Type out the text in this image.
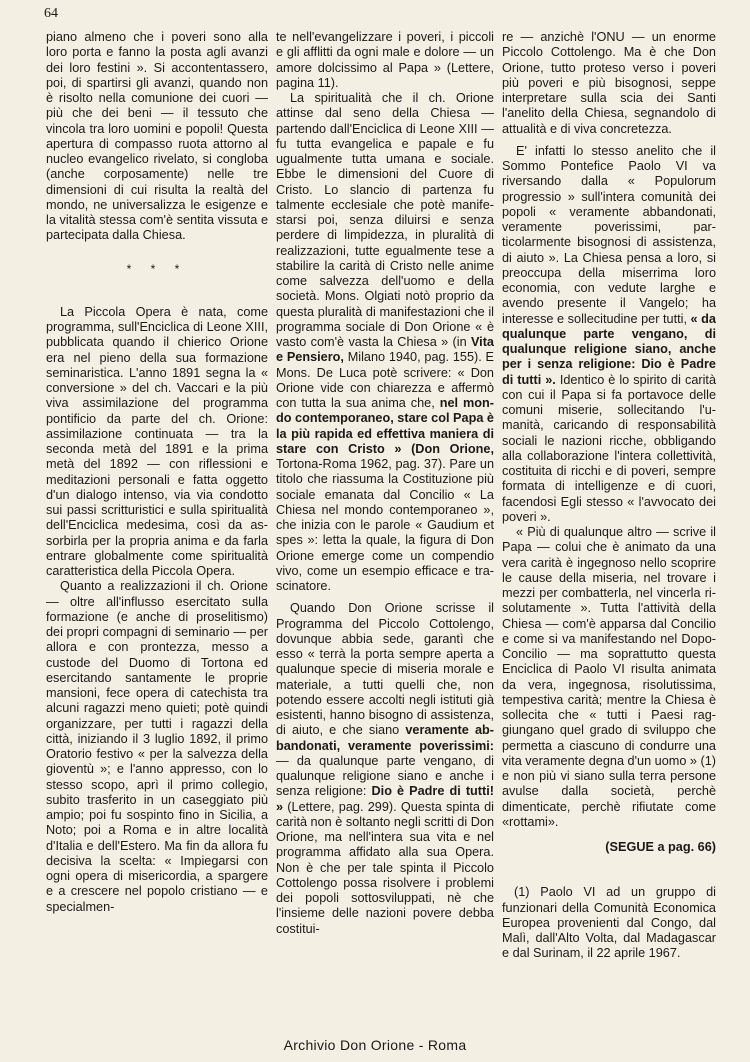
64

piano almeno che i poveri sono alla loro porta e fanno la posta agli avanzi dei loro festini ». Si accontentassero, poi, di spartirsi gli avanzi, quando non è risolto nella comunione dei cuori — più che dei beni — il tessuto che vincola tra loro uomini e popoli! Questa apertura di compasso ruota attorno al nucleo evangelico rivelato, si congloba (anche corposamente) nelle tre dimensioni di cui risulta la realtà del mondo, ne universalizza le esigenze e la vitalità stessa com'è sentita vissuta e partecipata dalla Chiesa.

* * *

La Piccola Opera è nata, come programma, sull'Enciclica di Leone XIII, pubblicata quando il chierico Orione era nel pieno della sua formazione seminaristica. L'anno 1891 segna la « conversione » del ch. Vaccari e la più viva assimilazione del programma pontificio da parte del ch. Orione: assimilazione continuata — tra la seconda metà del 1891 e la prima metà del 1892 — con riflessioni e meditazioni personali e fatta oggetto d'un dialogo intenso, via via condotto sui passi scritturistici e sulla spiritualità dell'Enciclica medesima, così da assorbirla per la propria anima e da farla entrare globalmente come spiritualità caratteristica della Piccola Opera.

Quanto a realizzazioni il ch. Orione — oltre all'influsso esercitato sulla formazione (e anche di proselitismo) dei propri compagni di seminario — per allora e con prontezza, messo a custode del Duomo di Tortona ed esercitando santamente le proprie mansioni, fece opera di catechista tra alcuni ragazzi meno quieti; potè quindi organizzare, per tutti i ragazzi della città, iniziando il 3 luglio 1892, il primo Oratorio festivo « per la salvezza della gioventù »; e l'anno appresso, con lo stesso scopo, aprì il primo collegio, subito trasferito in un caseggiato più ampio; poi fu sospinto fino in Sicilia, a Noto; poi a Roma e in altre località d'Italia e dell'Estero. Ma fin da allora fu decisiva la scelta: « Impiegarsi con ogni opera di misericordia, a spargere e a crescere nel popolo cristiano — e specialmen-

te nell'evangelizzare i poveri, i piccoli e gli afflitti da ogni male e dolore — un amore dolcissimo al Papa » (Lettere, pagina 11).

La spiritualità che il ch. Orione attinse dal seno della Chiesa — partendo dall'Enciclica di Leone XIII — fu tutta evangelica e papale e fu ugualmente tutta umana e sociale. Ebbe le dimensioni del Cuore di Cristo. Lo slancio di partenza fu talmente ecclesiale che potè manifestarsi poi, senza diluirsi e senza perdere di limpidezza, in pluralità di realizzazioni, tutte egualmente tese a stabilire la carità di Cristo nelle anime come salvezza dell'uomo e della società. Mons. Olgiati notò proprio da questa pluralità di manifestazioni che il programma sociale di Don Orione « è vasto com'è vasta la Chiesa » (in Vita e Pensiero, Milano 1940, pag. 155). E Mons. De Luca potè scrivere: « Don Orione vide con chiarezza e affermò con tutta la sua anima che, nel mondo contemporaneo, stare col Papa è la più rapida ed effettiva maniera di stare con Cristo » (Don Orione, Tortona-Roma 1962, pag. 37). Pare un titolo che riassuma la Costituzione più sociale emanata dal Concilio « La Chiesa nel mondo contemporaneo », che inizia con le parole « Gaudium et spes »: letta la quale, la figura di Don Orione emerge come un compendio vivo, come un esempio efficace e trascinatore.

Quando Don Orione scrisse il Programma del Piccolo Cottolengo, dovunque abbia sede, garantì che esso « terrà la porta sempre aperta a qualunque specie di miseria morale e materiale, a tutti quelli che, non potendo essere accolti negli istituti già esistenti, hanno bisogno di assistenza, di aiuto, e che siano veramente abbandonati, veramente poverissimi: — da qualunque parte vengano, di qualunque religione siano e anche i senza religione: Dio è Padre di tutti! » (Lettere, pag. 299). Questa spinta di carità non è soltanto negli scritti di Don Orione, ma nell'intera sua vita e nel programma affidato alla sua Opera. Non è che per tale spinta il Piccolo Cottolengo possa risolvere i problemi dei popoli sottosviluppati, nè che l'insieme delle nazioni povere debba costitui-

re — anzichè l'ONU — un enorme Piccolo Cottolengo. Ma è che Don Orione, tutto proteso verso i poveri più poveri e più bisognosi, seppe interpretare sulla scia dei Santi l'anelito della Chiesa, segnandolo di attualità e di viva concretezza.

E' infatti lo stesso anelito che il Sommo Pontefice Paolo VI va riversando dalla « Populorum progressio » sull'intera comunità dei popoli « veramente abbandonati, veramente poverissimi, particolarmente bisognosi di assistenza, di aiuto ». La Chiesa pensa a loro, si preoccupa della miserrima loro economia, con vedute larghe e avendo presente il Vangelo; ha interesse e sollecitudine per tutti, « da qualunque parte vengano, di qualunque religione siano, anche per i senza religione: Dio è Padre di tutti ». Identico è lo spirito di carità con cui il Papa si fa portavoce delle comuni miserie, sollecitando l'umanità, caricando di responsabilità sociali le nazioni ricche, obbligando alla collaborazione l'intera collettività, costituita di ricchi e di poveri, sempre formata di intelligenze e di cuori, facendosi Egli stesso « l'avvocato dei poveri ».

« Più di qualunque altro — scrive il Papa — colui che è animato da una vera carità è ingegnoso nello scoprire le cause della miseria, nel trovare i mezzi per combatterla, nel vincerla risolutamente ». Tutta l'attività della Chiesa — com'è apparsa dal Concilio e come si va manifestando nel Dopo-Concilio — ma soprattutto questa Enciclica di Paolo VI risulta animata da vera, ingegnosa, risolutissima, tempestiva carità; mentre la Chiesa è sollecita che « tutti i Paesi raggiungano quel grado di sviluppo che permetta a ciascuno di condurre una vita veramente degna d'un uomo » (1) e non più vi siano sulla terra persone avulse dalla società, perchè dimenticate, perchè rifiutate come «rottami».

(SEGUE a pag. 66)

(1) Paolo VI ad un gruppo di funzionari della Comunità Economica Europea provenienti dal Congo, dal Malì, dall'Alto Volta, dal Madagascar e dal Surinam, il 22 aprile 1967.

Archivio Don Orione - Roma
